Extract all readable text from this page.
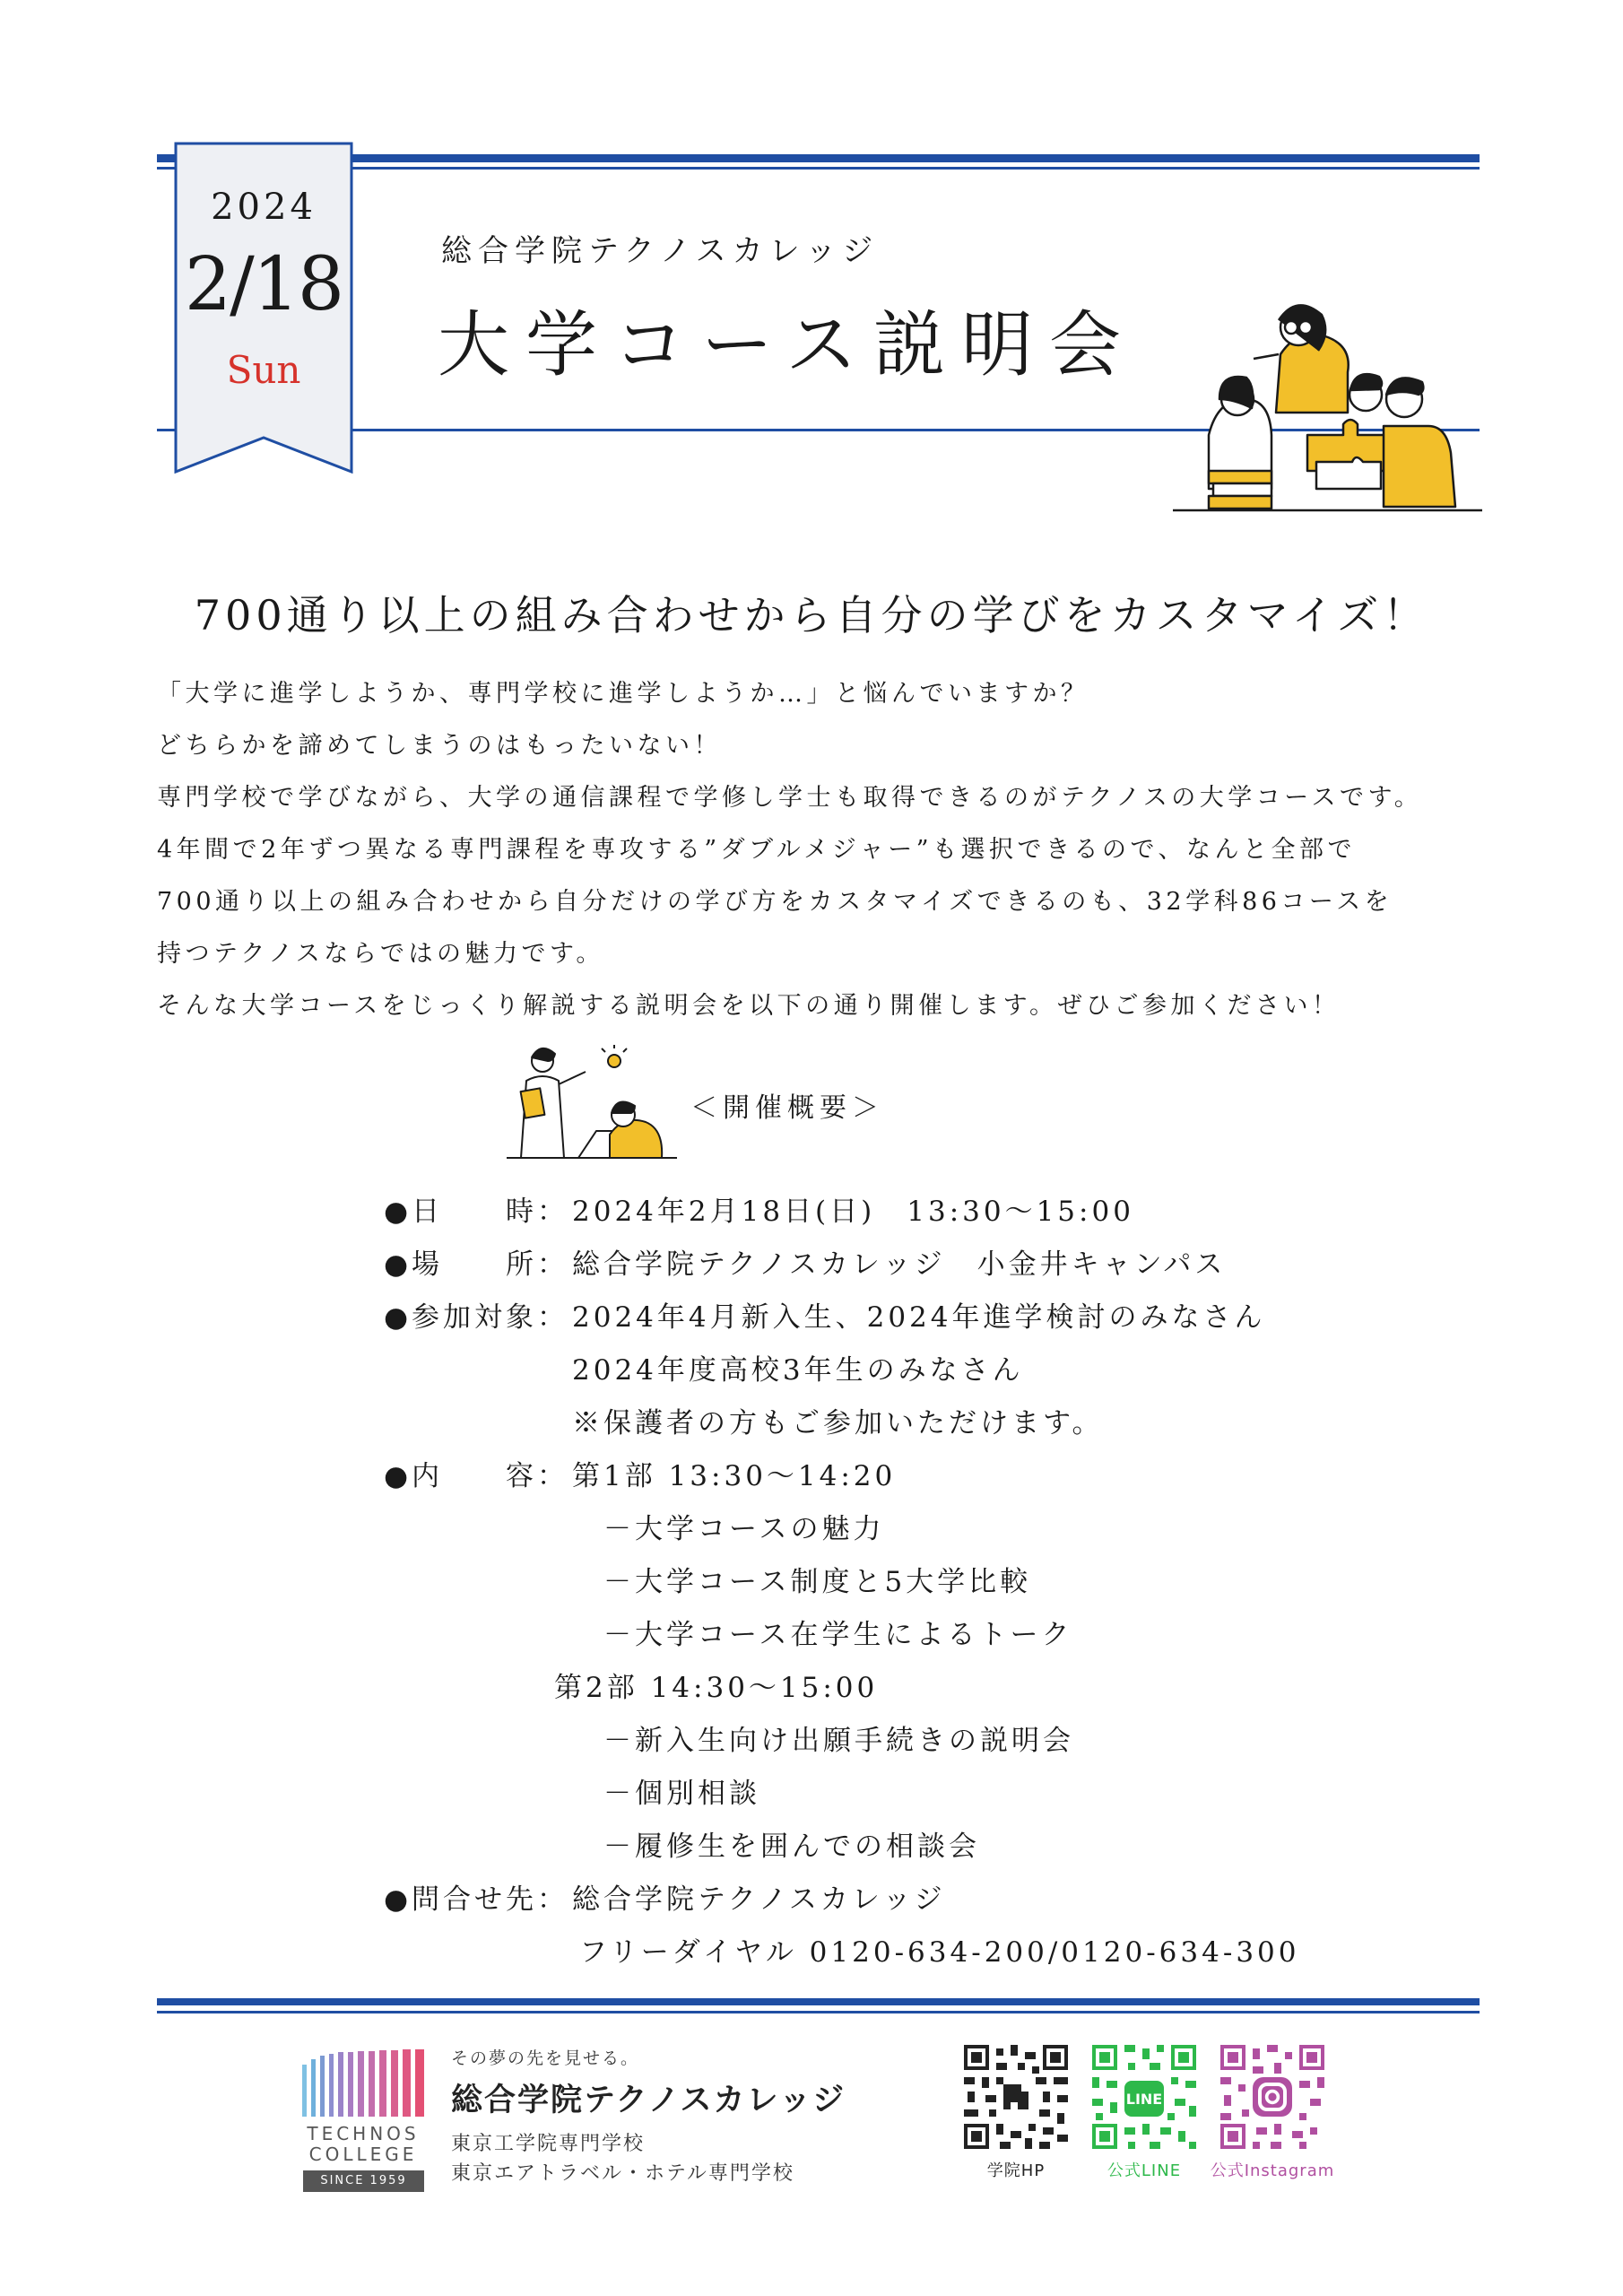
2024
2/18
Sun
総合学院テクノスカレッジ
大学コース説明会
700通り以上の組み合わせから自分の学びをカスタマイズ！

「大学に進学しようか、専門学校に進学しようか…」と悩んでいますか？

どちらかを諦めてしまうのはもったいない！

専門学校で学びながら、大学の通信課程で学修し学士も取得できるのがテクノスの大学コースです。

4年間で2年ずつ異なる専門課程を専攻する”ダブルメジャー”も選択できるので、なんと全部で

700通り以上の組み合わせから自分だけの学び方をカスタマイズできるのも、32学科86コースを

持つテクノスならではの魅力です。

そんな大学コースをじっくり解説する説明会を以下の通り開催します。ぜひご参加ください！

＜開催概要＞
●日　　時： 2024年2月18日(日)　13:30～15:00
●場　　所： 総合学院テクノスカレッジ　小金井キャンパス
●参加対象： 2024年4月新入生、2024年進学検討のみなさん
2024年度高校3年生のみなさん
※保護者の方もご参加いただけます。
●内　　容： 第1部 13:30～14:20
－大学コースの魅力
－大学コース制度と5大学比較
－大学コース在学生によるトーク
第2部 14:30～15:00
－新入生向け出願手続きの説明会
－個別相談
－履修生を囲んでの相談会
●問合せ先： 総合学院テクノスカレッジ
フリーダイヤル 0120-634-200/0120-634-300
TECHNOS
COLLEGE
SINCE 1959
その夢の先を見せる。
総合学院テクノスカレッジ
東京工学院専門学校
東京エアトラベル・ホテル専門学校	学院HP
LINE
公式LINE	公式Instagram
